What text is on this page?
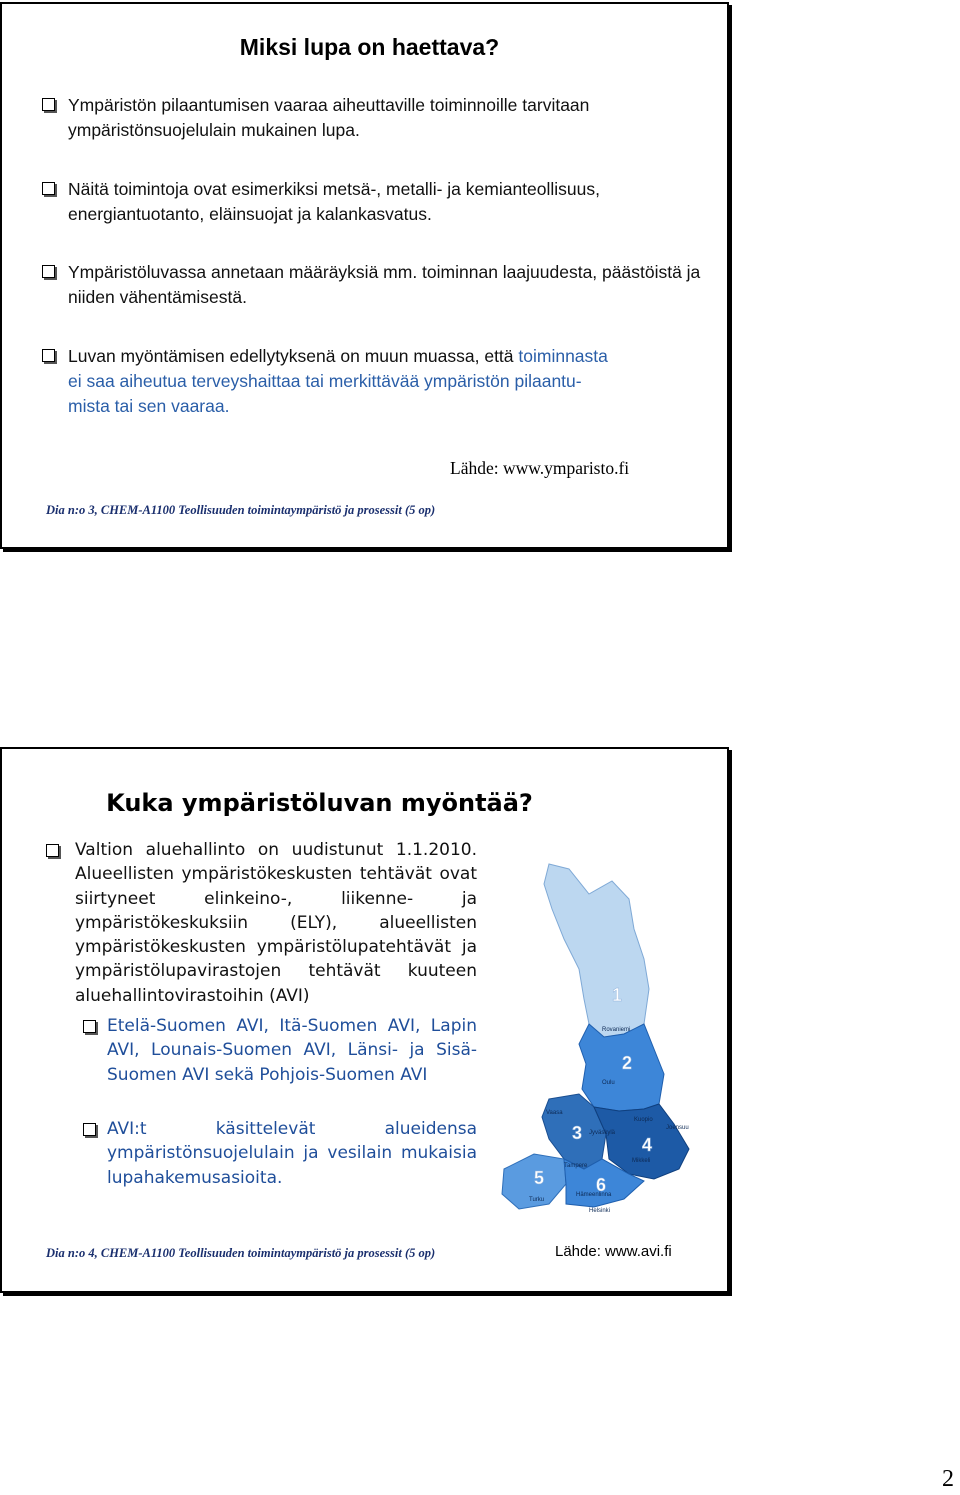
Miksi lupa on haettava?
Ympäristön pilaantumisen vaaraa aiheuttaville toiminnoille tarvitaan ympäristönsuojelulain mukainen lupa.
Näitä toimintoja ovat esimerkiksi metsä-, metalli- ja kemianteollisuus, energiantuotanto, eläinsuojat ja kalankasvatus.
Ympäristöluvassa annetaan määräyksiä mm. toiminnan laajuudesta, päästöistä ja niiden vähentämisestä.
Luvan myöntämisen edellytyksenä on muun muassa, että toiminnasta
ei saa aiheutua terveyshaittaa tai merkittävää ympäristön pilaantu-
mista tai sen vaaraa.
Lähde: www.ymparisto.fi
Dia n:o 3, CHEM-A1100 Teollisuuden toimintaympäristö ja prosessit (5 op)
Kuka ympäristöluvan myöntää?
Valtion aluehallinto on uudistunut 1.1.2010. Alueellisten ympäristökeskusten tehtävät ovat siirtyneet elinkeino-, liikenne- ja ympäristökeskuksiin (ELY), alueellisten ympäristökeskusten ympäristölupatehtävät ja ympäristölupavirastojen tehtävät kuuteen aluehallintovirastoihin (AVI)
Etelä-Suomen AVI, Itä-Suomen AVI, Lapin AVI, Lounais-Suomen AVI, Länsi- ja Sisä-Suomen AVI sekä Pohjois-Suomen AVI
AVI:t käsittelevät alueidensa ympäristönsuojelulain ja vesilain mukaisia lupahakemusasioita.
1
2
3
4
5	6
Rovaniemi
Oulu
Vaasa
Kuopio
Joensuu
Jyväskylä
Mikkeli
Tampere
Hämeenlinna
Turku
Helsinki
Dia n:o 4, CHEM-A1100 Teollisuuden toimintaympäristö ja prosessit (5 op)	Lähde: www.avi.fi
2
